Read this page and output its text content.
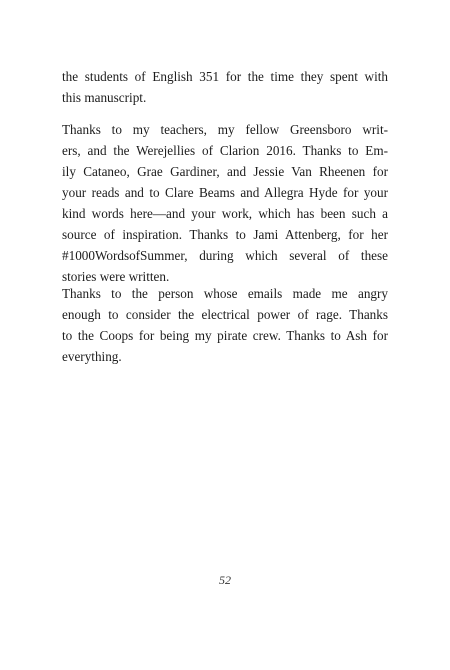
the students of English 351 for the time they spent with
this manuscript.
Thanks to my teachers, my fellow Greensboro writ-
ers, and the Werejellies of Clarion 2016. Thanks to Em-
ily Cataneo, Grae Gardiner, and Jessie Van Rheenen for
your reads and to Clare Beams and Allegra Hyde for your
kind words here—and your work, which has been such a
source of inspiration. Thanks to Jami Attenberg, for her
#1000WordsofSummer, during which several of these
stories were written.
Thanks to the person whose emails made me angry
enough to consider the electrical power of rage. Thanks
to the Coops for being my pirate crew. Thanks to Ash for
everything.
52
